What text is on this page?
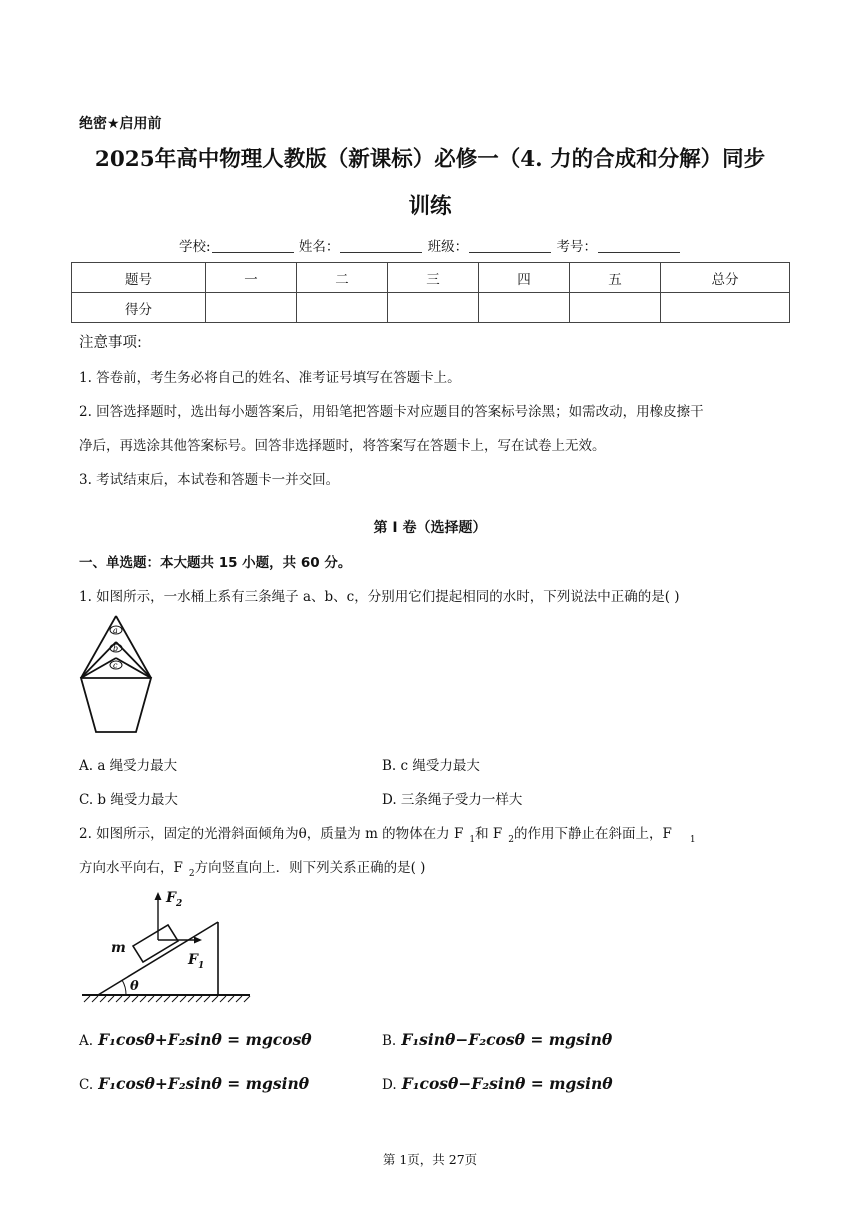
绝密★启用前
2025年高中物理人教版（新课标）必修一（4. 力的合成和分解）同步
训练
学校:	姓名：	班级：	考号：
题号	一	二	三	四	五	总分
得分						
注意事项:
1. 答卷前，考生务必将自己的姓名、准考证号填写在答题卡上。
2. 回答选择题时，选出每小题答案后，用铅笔把答题卡对应题目的答案标号涂黑；如需改动，用橡皮擦干
净后，再选涂其他答案标号。回答非选择题时，将答案写在答题卡上，写在试卷上无效。
3. 考试结束后，本试卷和答题卡一并交回。
第 I 卷（选择题）
一、单选题：本大题共 15 小题，共 60 分。
1. 如图所示，一水桶上系有三条绳子 a、b、c，分别用它们提起相同的水时，下列说法中正确的是( )
a
b
c
A. a 绳受力最大	B. c 绳受力最大
C. b 绳受力最大	D. 三条绳子受力一样大
2. 如图所示，固定的光滑斜面倾角为θ，质量为 m 的物体在力 F $_1$和 F $_2$的作用下静止在斜面上，F $_1$
方向水平向右，F $_2$方向竖直向上．则下列关系正确的是( )
F 2
F 1
m
θ
A. F₁cosθ+F₂sinθ = mgcosθ	B. F₁sinθ−F₂cosθ = mgsinθ
C. F₁cosθ+F₂sinθ = mgsinθ	D. F₁cosθ−F₂sinθ = mgsinθ
第 1页，共 27页
